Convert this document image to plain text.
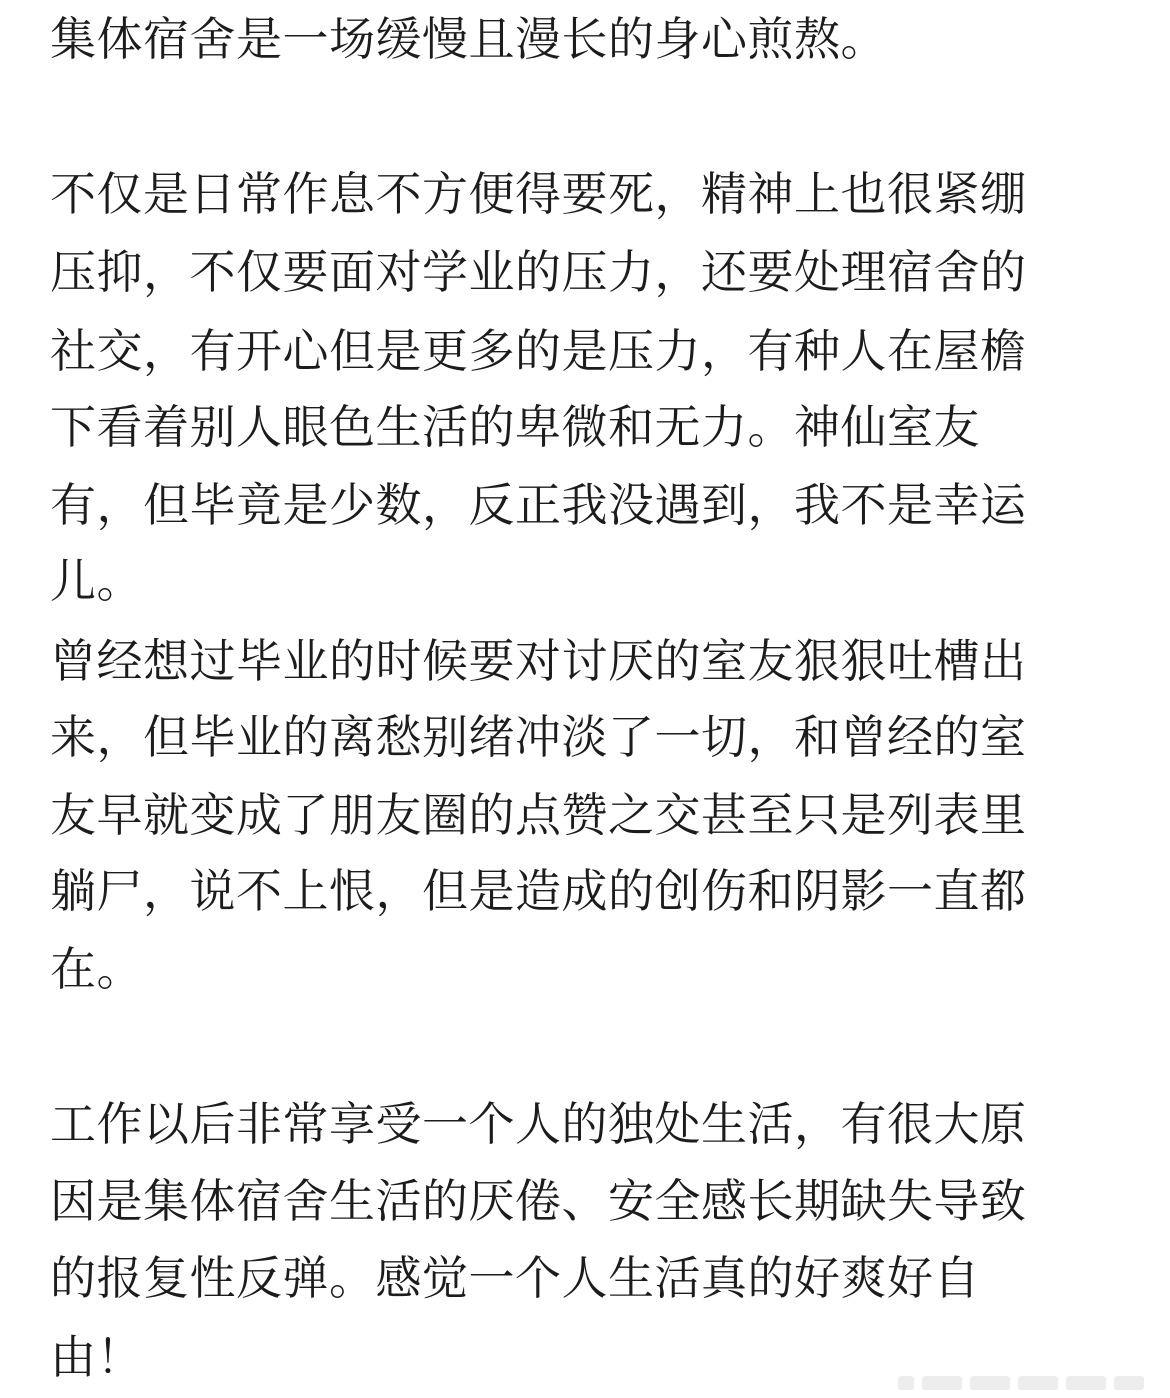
集体宿舍是一场缓慢且漫长的身心煎熬。
不仅是日常作息不方便得要死，精神上也很紧绷
压抑，不仅要面对学业的压力，还要处理宿舍的
社交，有开心但是更多的是压力，有种人在屋檐
下看着别人眼色生活的卑微和无力。神仙室友
有，但毕竟是少数，反正我没遇到，我不是幸运
儿。
曾经想过毕业的时候要对讨厌的室友狠狠吐槽出
来，但毕业的离愁别绪冲淡了一切，和曾经的室
友早就变成了朋友圈的点赞之交甚至只是列表里
躺尸，说不上恨，但是造成的创伤和阴影一直都
在。
工作以后非常享受一个人的独处生活，有很大原
因是集体宿舍生活的厌倦、安全感长期缺失导致
的报复性反弹。感觉一个人生活真的好爽好自
由！
